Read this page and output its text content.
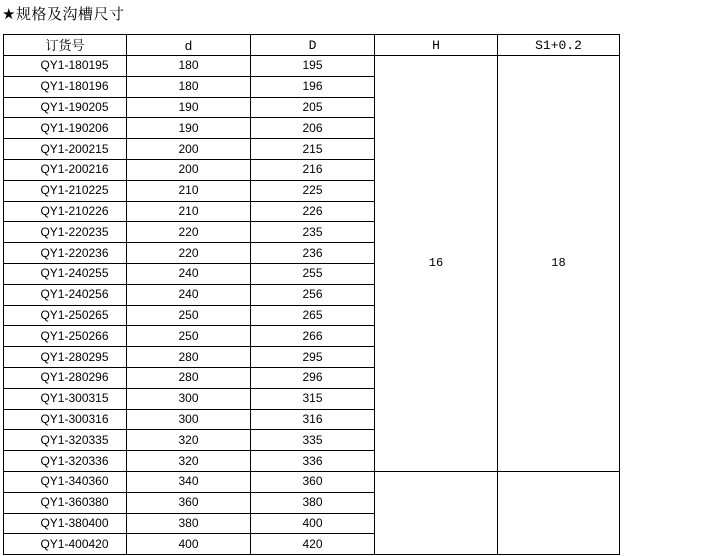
★规格及沟槽尺寸
订货号	d	D	H	S1+0.2
QY1-180195	180	195	16	18
QY1-180196	180	196		
QY1-190205	190	205		
QY1-190206	190	206		
QY1-200215	200	215		
QY1-200216	200	216		
QY1-210225	210	225		
QY1-210226	210	226		
QY1-220235	220	235		
QY1-220236	220	236		
QY1-240255	240	255		
QY1-240256	240	256		
QY1-250265	250	265		
QY1-250266	250	266		
QY1-280295	280	295		
QY1-280296	280	296		
QY1-300315	300	315		
QY1-300316	300	316		
QY1-320335	320	335		
QY1-320336	320	336		
QY1-340360	340	360		
QY1-360380	360	380		
QY1-380400	380	400		
QY1-400420	400	420		
